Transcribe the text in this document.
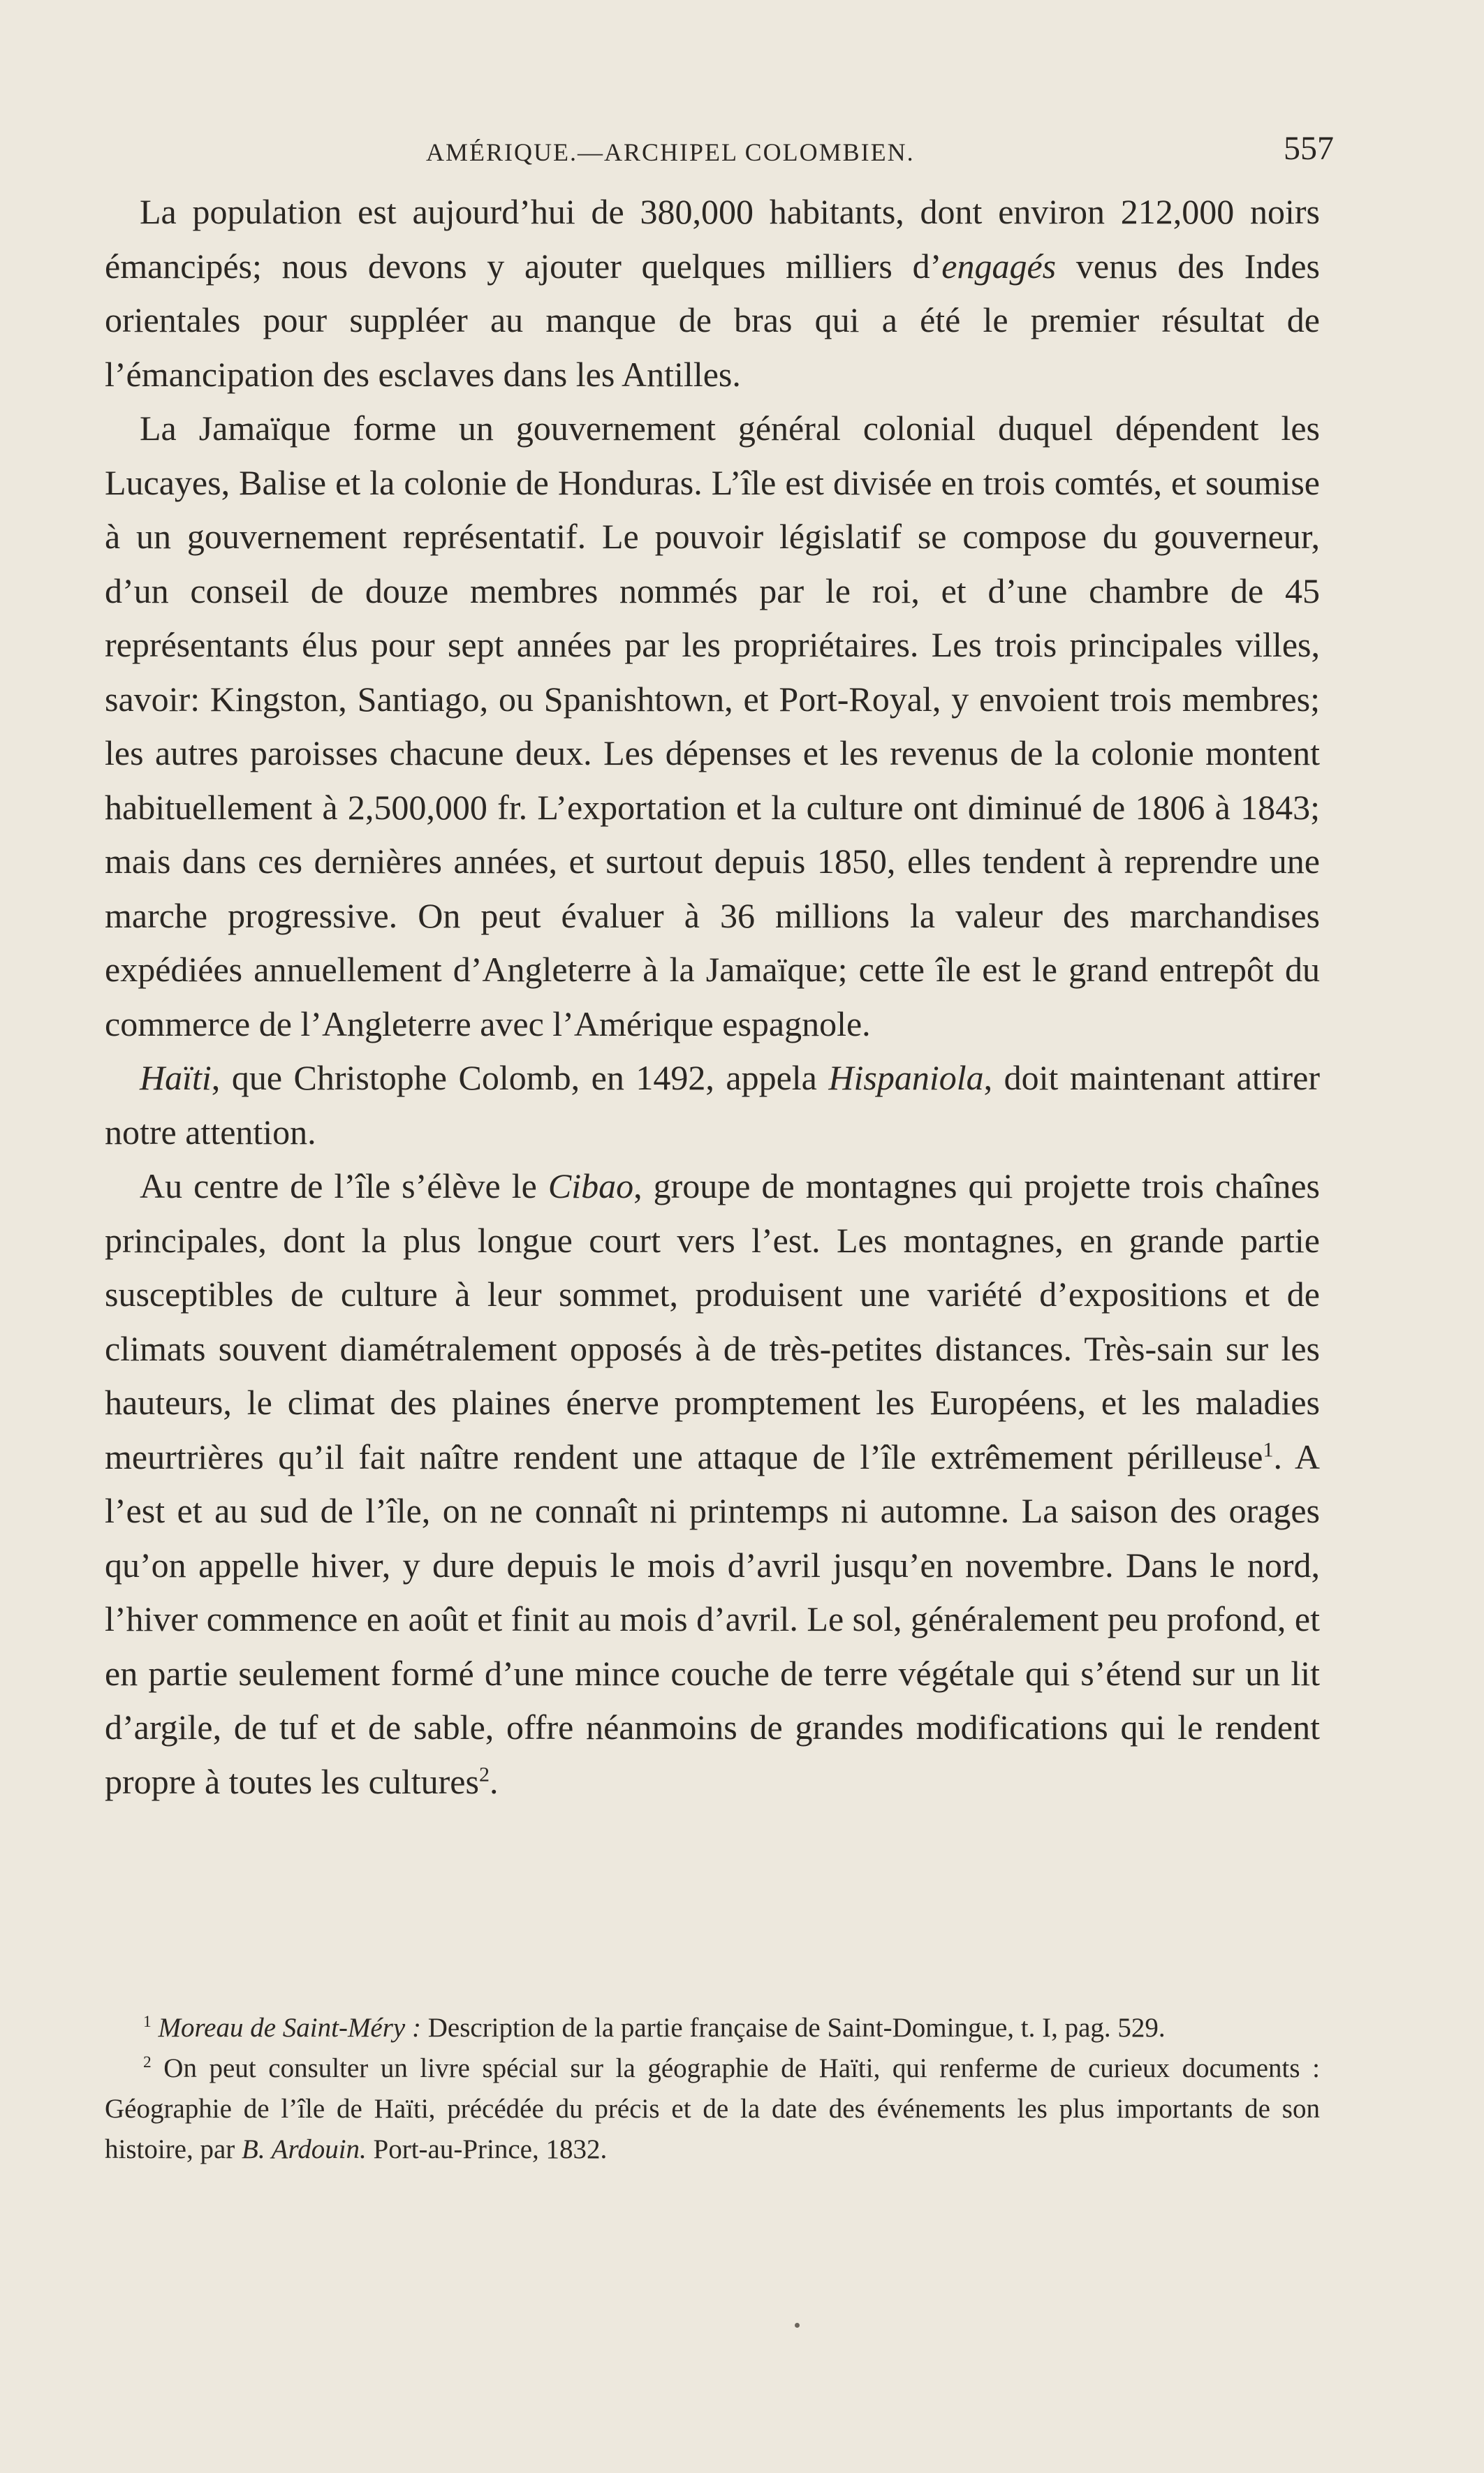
AMÉRIQUE.—ARCHIPEL COLOMBIEN.	557

La population est aujourd’hui de 380,000 habitants, dont environ 212,000 noirs émancipés; nous devons y ajouter quelques milliers d’engagés venus des Indes orientales pour suppléer au manque de bras qui a été le premier résultat de l’émancipation des esclaves dans les Antilles.

La Jamaïque forme un gouvernement général colonial duquel dépendent les Lucayes, Balise et la colonie de Honduras. L’île est divisée en trois comtés, et soumise à un gouvernement représentatif. Le pouvoir législatif se compose du gouverneur, d’un conseil de douze membres nommés par le roi, et d’une chambre de 45 représentants élus pour sept années par les propriétaires. Les trois principales villes, savoir: Kingston, Santiago, ou Spanishtown, et Port-Royal, y envoient trois membres; les autres paroisses chacune deux. Les dépenses et les revenus de la colonie montent habituellement à 2,500,000 fr. L’exportation et la culture ont diminué de 1806 à 1843; mais dans ces dernières années, et surtout depuis 1850, elles tendent à reprendre une marche progressive. On peut évaluer à 36 millions la valeur des marchandises expédiées annuellement d’Angleterre à la Jamaïque; cette île est le grand entrepôt du commerce de l’Angleterre avec l’Amérique espagnole.

Haïti, que Christophe Colomb, en 1492, appela Hispaniola, doit maintenant attirer notre attention.

Au centre de l’île s’élève le Cibao, groupe de montagnes qui projette trois chaînes principales, dont la plus longue court vers l’est. Les montagnes, en grande partie susceptibles de culture à leur sommet, produisent une variété d’expositions et de climats souvent diamétralement opposés à de très-petites distances. Très-sain sur les hauteurs, le climat des plaines énerve promptement les Européens, et les maladies meurtrières qu’il fait naître rendent une attaque de l’île extrêmement périlleuse$^1$. A l’est et au sud de l’île, on ne connaît ni printemps ni automne. La saison des orages qu’on appelle hiver, y dure depuis le mois d’avril jusqu’en novembre. Dans le nord, l’hiver commence en août et finit au mois d’avril. Le sol, généralement peu profond, et en partie seulement formé d’une mince couche de terre végétale qui s’étend sur un lit d’argile, de tuf et de sable, offre néanmoins de grandes modifications qui le rendent propre à toutes les cultures$^2$.

$^1$ Moreau de Saint-Méry : Description de la partie française de Saint-Domingue, t. I, pag. 529.

$^2$ On peut consulter un livre spécial sur la géographie de Haïti, qui renferme de curieux documents : Géographie de l’île de Haïti, précédée du précis et de la date des événements les plus importants de son histoire, par B. Ardouin. Port-au-Prince, 1832.
